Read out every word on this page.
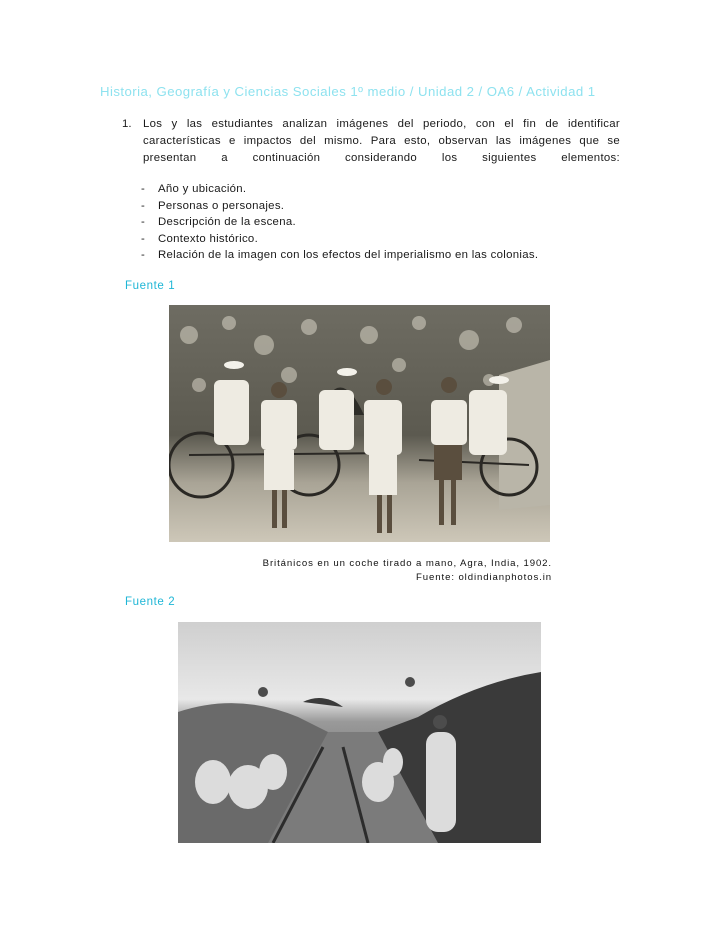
Historia, Geografía y Ciencias Sociales 1º medio / Unidad 2 / OA6 / Actividad 1
1. Los y las estudiantes analizan imágenes del periodo, con el fin de identificar características e impactos del mismo. Para esto, observan las imágenes que se presentan a continuación considerando los siguientes elementos:
-	Año y ubicación.
-	Personas o personajes.
-	Descripción de la escena.
-	Contexto histórico.
-	Relación de la imagen con los efectos del imperialismo en las colonias.
Fuente 1
Británicos en un coche tirado a mano, Agra, India, 1902.
Fuente: oldindianphotos.in
Fuente 2
